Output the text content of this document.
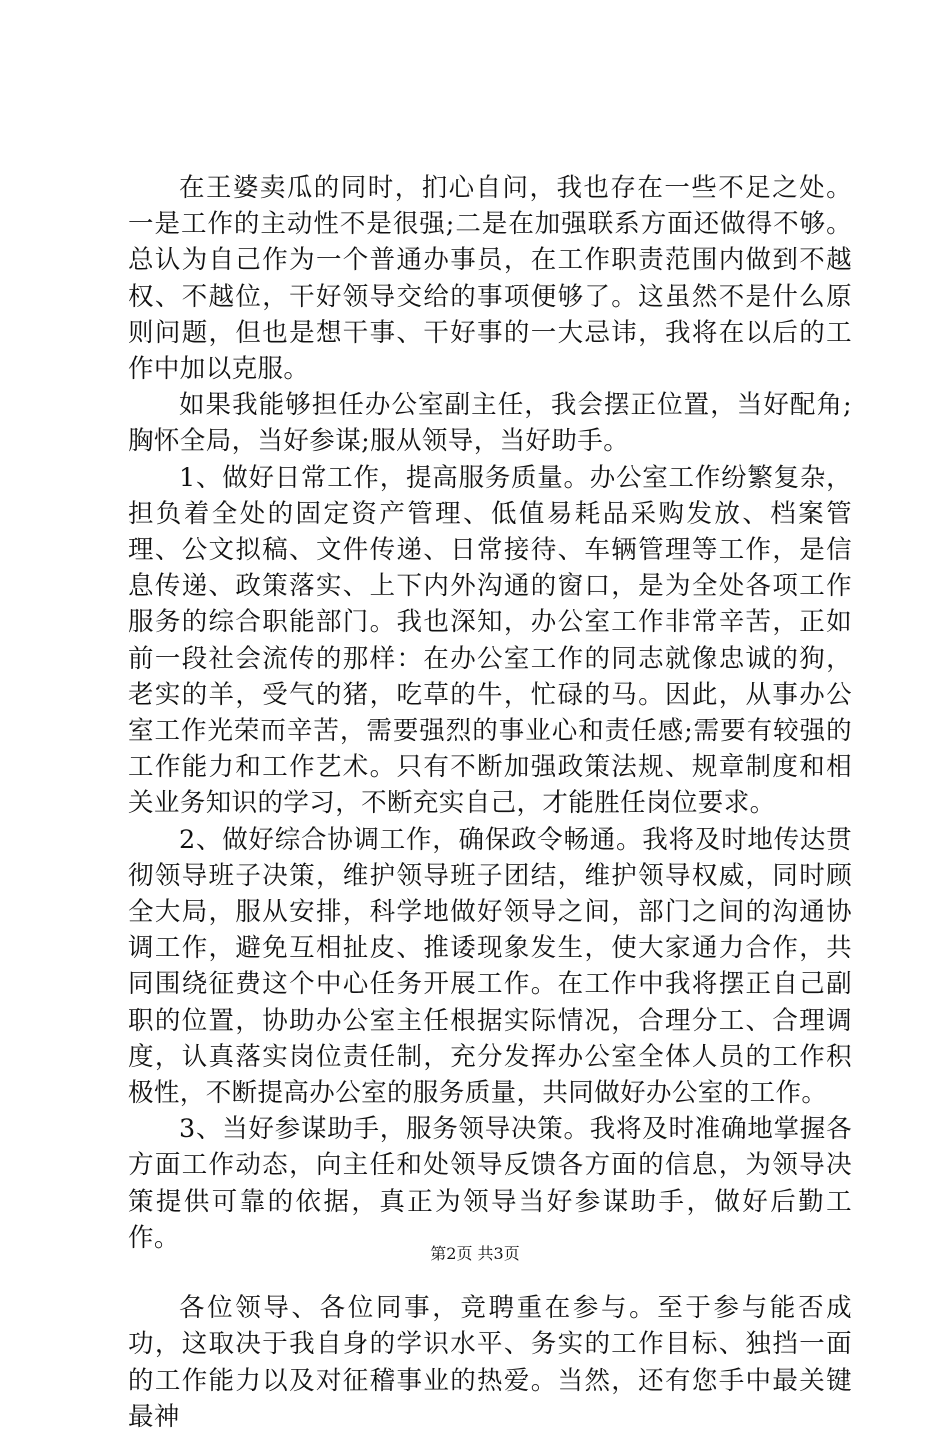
在王婆卖瓜的同时，扪心自问，我也存在一些不足之处。一是工作的主动性不是很强;二是在加强联系方面还做得不够。总认为自己作为一个普通办事员，在工作职责范围内做到不越权、不越位，干好领导交给的事项便够了。这虽然不是什么原则问题，但也是想干事、干好事的一大忌讳，我将在以后的工作中加以克服。

如果我能够担任办公室副主任，我会摆正位置，当好配角;胸怀全局，当好参谋;服从领导，当好助手。

1、做好日常工作，提高服务质量。办公室工作纷繁复杂，担负着全处的固定资产管理、低值易耗品采购发放、档案管理、公文拟稿、文件传递、日常接待、车辆管理等工作，是信息传递、政策落实、上下内外沟通的窗口，是为全处各项工作服务的综合职能部门。我也深知，办公室工作非常辛苦，正如前一段社会流传的那样：在办公室工作的同志就像忠诚的狗，老实的羊，受气的猪，吃草的牛，忙碌的马。因此，从事办公室工作光荣而辛苦，需要强烈的事业心和责任感;需要有较强的工作能力和工作艺术。只有不断加强政策法规、规章制度和相关业务知识的学习，不断充实自己，才能胜任岗位要求。

2、做好综合协调工作，确保政令畅通。我将及时地传达贯彻领导班子决策，维护领导班子团结，维护领导权威，同时顾全大局，服从安排，科学地做好领导之间，部门之间的沟通协调工作，避免互相扯皮、推诿现象发生，使大家通力合作，共同围绕征费这个中心任务开展工作。在工作中我将摆正自己副职的位置，协助办公室主任根据实际情况，合理分工、合理调度，认真落实岗位责任制，充分发挥办公室全体人员的工作积极性，不断提高办公室的服务质量，共同做好办公室的工作。

3、当好参谋助手，服务领导决策。我将及时准确地掌握各方面工作动态，向主任和处领导反馈各方面的信息，为领导决策提供可靠的依据，真正为领导当好参谋助手，做好后勤工作。

各位领导、各位同事，竞聘重在参与。至于参与能否成功，这取决于我自身的学识水平、务实的工作目标、独挡一面的工作能力以及对征稽事业的热爱。当然，还有您手中最关键最神

第2页 共3页
